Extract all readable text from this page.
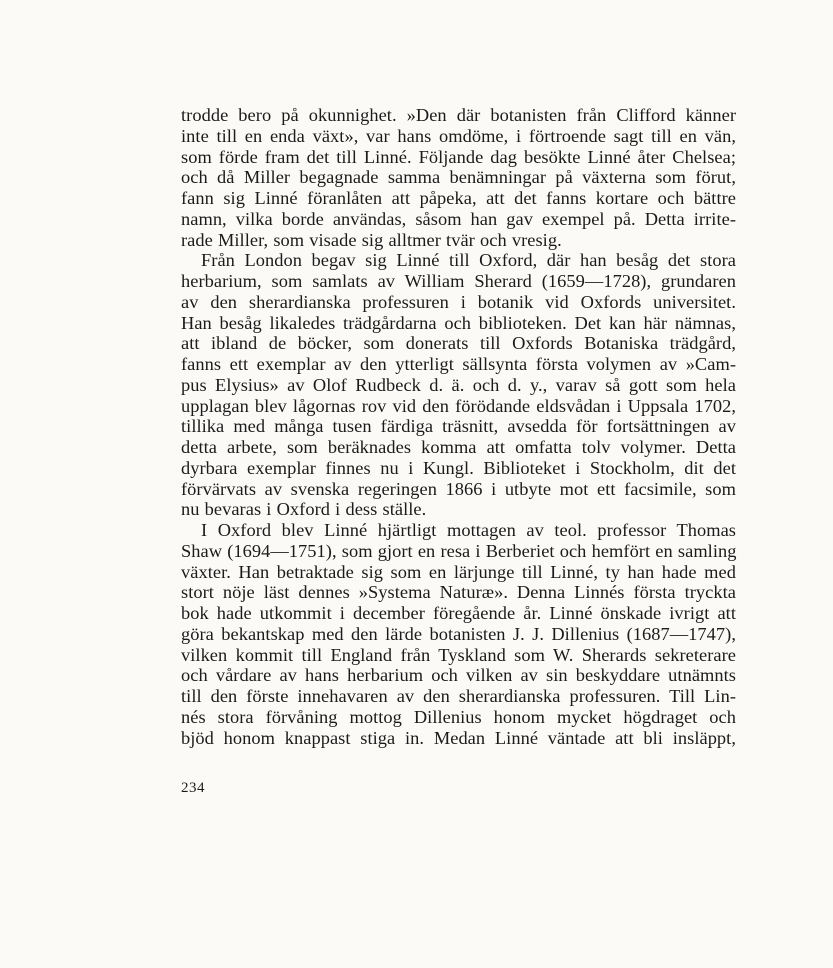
trodde bero på okunnighet. »Den där botanisten från Clifford känner
inte till en enda växt», var hans omdöme, i förtroende sagt till en vän,
som förde fram det till Linné. Följande dag besökte Linné åter Chelsea;
och då Miller begagnade samma benämningar på växterna som förut,
fann sig Linné föranlåten att påpeka, att det fanns kortare och bättre
namn, vilka borde användas, såsom han gav exempel på. Detta irrite-
rade Miller, som visade sig alltmer tvär och vresig.
Från London begav sig Linné till Oxford, där han besåg det stora
herbarium, som samlats av William Sherard (1659—1728), grundaren
av den sherardianska professuren i botanik vid Oxfords universitet.
Han besåg likaledes trädgårdarna och biblioteken. Det kan här nämnas,
att ibland de böcker, som donerats till Oxfords Botaniska trädgård,
fanns ett exemplar av den ytterligt sällsynta första volymen av »Cam-
pus Elysius» av Olof Rudbeck d. ä. och d. y., varav så gott som hela
upplagan blev lågornas rov vid den förödande eldsvådan i Uppsala 1702,
tillika med många tusen färdiga träsnitt, avsedda för fortsättningen av
detta arbete, som beräknades komma att omfatta tolv volymer. Detta
dyrbara exemplar finnes nu i Kungl. Biblioteket i Stockholm, dit det
förvärvats av svenska regeringen 1866 i utbyte mot ett facsimile, som
nu bevaras i Oxford i dess ställe.
I Oxford blev Linné hjärtligt mottagen av teol. professor Thomas
Shaw (1694—1751), som gjort en resa i Berberiet och hemfört en samling
växter. Han betraktade sig som en lärjunge till Linné, ty han hade med
stort nöje läst dennes »Systema Naturæ». Denna Linnés första tryckta
bok hade utkommit i december föregående år. Linné önskade ivrigt att
göra bekantskap med den lärde botanisten J. J. Dillenius (1687—1747),
vilken kommit till England från Tyskland som W. Sherards sekreterare
och vårdare av hans herbarium och vilken av sin beskyddare utnämnts
till den förste innehavaren av den sherardianska professuren. Till Lin-
nés stora förvåning mottog Dillenius honom mycket högdraget och
bjöd honom knappast stiga in. Medan Linné väntade att bli insläppt,
234
